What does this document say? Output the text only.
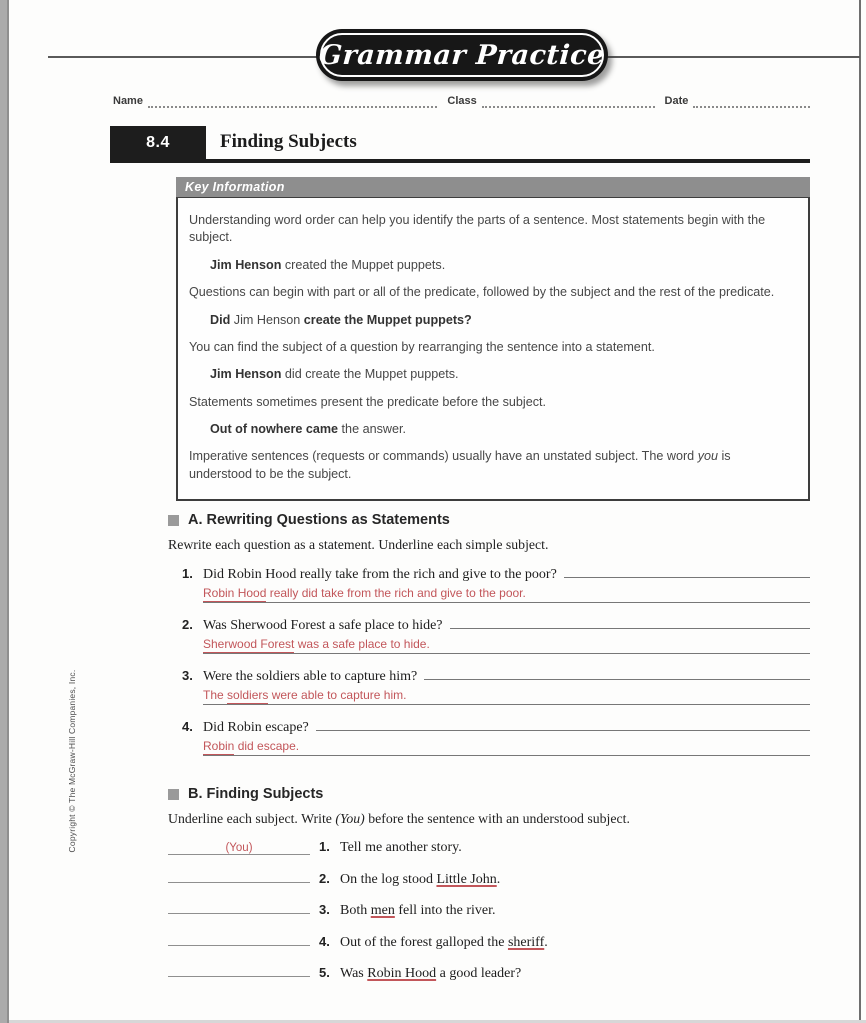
Grammar Practice
Name	Class	Date
8.4	Finding Subjects
Key Information
Understanding word order can help you identify the parts of a sentence. Most statements begin with the subject.
Jim Henson created the Muppet puppets.
Questions can begin with part or all of the predicate, followed by the subject and the rest of the predicate.
Did Jim Henson create the Muppet puppets?
You can find the subject of a question by rearranging the sentence into a statement.
Jim Henson did create the Muppet puppets.
Statements sometimes present the predicate before the subject.
Out of nowhere came the answer.
Imperative sentences (requests or commands) usually have an unstated subject. The word you is understood to be the subject.
A. Rewriting Questions as Statements
Rewrite each question as a statement. Underline each simple subject.
1. Did Robin Hood really take from the rich and give to the poor?
Robin Hood really did take from the rich and give to the poor.
2. Was Sherwood Forest a safe place to hide?
Sherwood Forest was a safe place to hide.
3. Were the soldiers able to capture him?
The soldiers were able to capture him.
4. Did Robin escape?
Robin did escape.
B. Finding Subjects
Underline each subject. Write (You) before the sentence with an understood subject.
(You)	1. Tell me another story.
2. On the log stood Little John.
3. Both men fell into the river.
4. Out of the forest galloped the sheriff.
5. Was Robin Hood a good leader?
Copyright © The McGraw-Hill Companies, Inc.
